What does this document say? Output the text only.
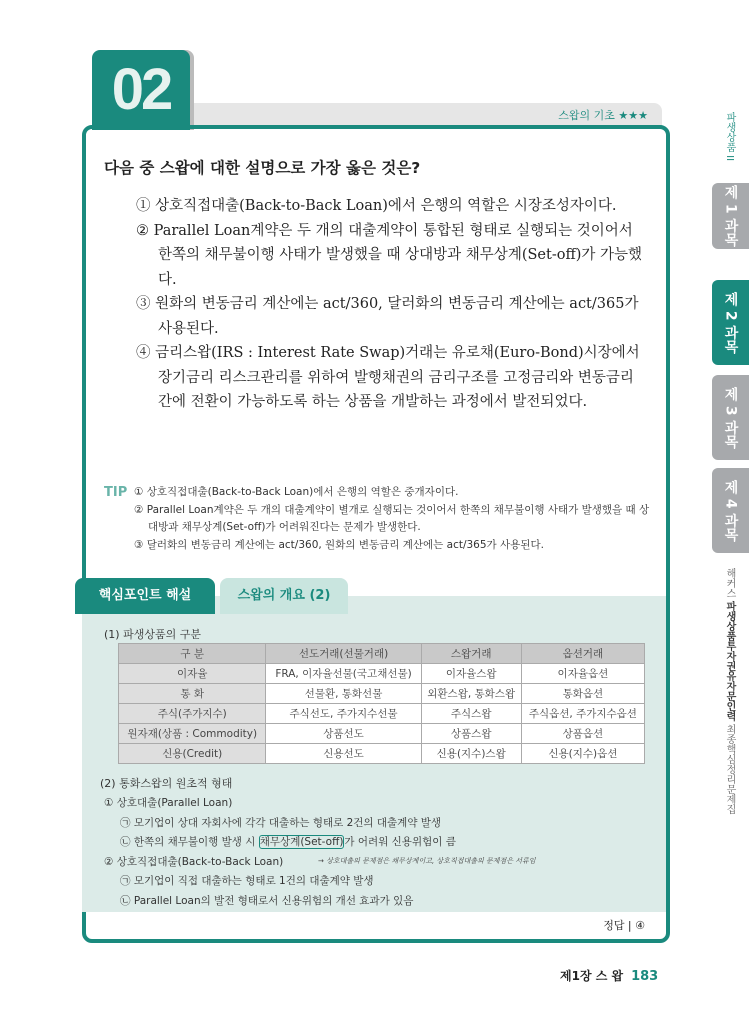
스왑의 기초 ★★★
02
다음 중 스왑에 대한 설명으로 가장 옳은 것은?
① 상호직접대출(Back-to-Back Loan)에서 은행의 역할은 시장조성자이다.
② Parallel Loan계약은 두 개의 대출계약이 통합된 형태로 실행되는 것이어서 한쪽의 채무불이행 사태가 발생했을 때 상대방과 채무상계(Set-off)가 가능했다.
③ 원화의 변동금리 계산에는 act/360, 달러화의 변동금리 계산에는 act/365가 사용된다.
④ 금리스왑(IRS : Interest Rate Swap)거래는 유로채(Euro-Bond)시장에서 장기금리 리스크관리를 위하여 발행채권의 금리구조를 고정금리와 변동금리 간에 전환이 가능하도록 하는 상품을 개발하는 과정에서 발전되었다.
TIP ① 상호직접대출(Back-to-Back Loan)에서 은행의 역할은 중개자이다.
② Parallel Loan계약은 두 개의 대출계약이 별개로 실행되는 것이어서 한쪽의 채무불이행 사태가 발생했을 때 상대방과 채무상계(Set-off)가 어려워진다는 문제가 발생한다.
③ 달러화의 변동금리 계산에는 act/360, 원화의 변동금리 계산에는 act/365가 사용된다.
핵심포인트 해설	스왑의 개요 (2)
(1) 파생상품의 구분
구 분	선도거래(선물거래)	스왑거래	옵션거래
이자율	FRA, 이자율선물(국고채선물)	이자율스왑	이자율옵션
통 화	선물환, 통화선물	외환스왑, 통화스왑	통화옵션
주식(주가지수)	주식선도, 주가지수선물	주식스왑	주식옵션, 주가지수옵션
원자재(상품 : Commodity)	상품선도	상품스왑	상품옵션
신용(Credit)	신용선도	신용(지수)스왑	신용(지수)옵션
(2) 통화스왑의 원초적 형태
① 상호대출(Parallel Loan)
㉠ 모기업이 상대 자회사에 각각 대출하는 형태로 2건의 대출계약 발생
㉡ 한쪽의 채무불이행 발생 시 채무상계(Set-off)가 어려워 신용위험이 큼
② 상호직접대출(Back-to-Back Loan)
㉠ 모기업이 직접 대출하는 형태로 1건의 대출계약 발생
㉡ Parallel Loan의 발전 형태로서 신용위험의 개선 효과가 있음
→ 상호대출의 문제점은 채무상계이고, 상호직접대출의 문제점은 서류임
정답 | ④
제1장 스 왑 183
파생상품 II
제 1 과목
제 2 과목
제 3 과목
제 4 과목
해커스 파생상품투자권유자문인력 최종핵심정리문제집
